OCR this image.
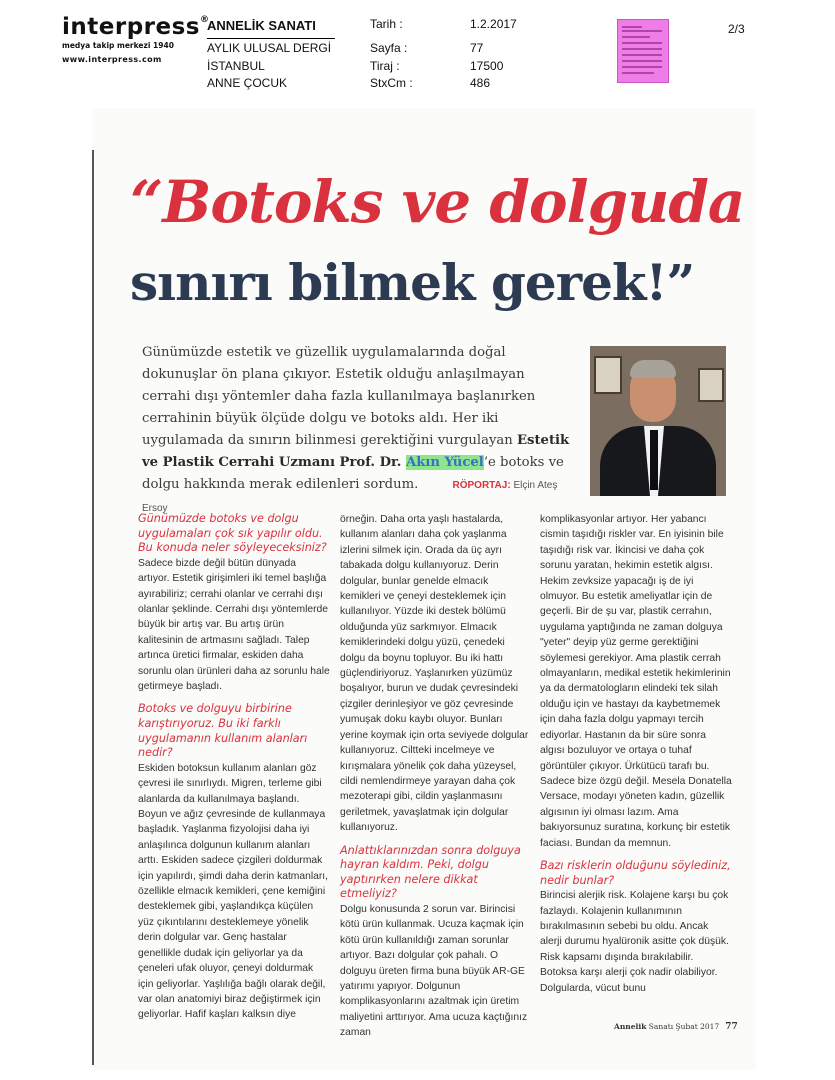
interpress®
medya takip merkezi 1940
www.interpress.com
ANNELİK SANATI
AYLIK ULUSAL DERGİ
İSTANBUL
ANNE ÇOCUK
Tarih :	1.2.2017
Sayfa :	77
Tiraj :	17500
StxCm :	486
2/3
“Botoks ve dolguda
sınırı bilmek gerek!”
Günümüzde estetik ve güzellik uygulamalarında doğal dokunuşlar ön plana çıkıyor. Estetik olduğu anlaşılmayan cerrahi dışı yöntemler daha fazla kullanılmaya başlanırken cerrahinin büyük ölçüde dolgu ve botoks aldı. Her iki uygulamada da sınırın bilinmesi gerektiğini vurgulayan Estetik ve Plastik Cerrahi Uzmanı Prof. Dr. Akın Yücel’e botoks ve dolgu hakkında merak edilenleri sordum.	RÖPORTAJ: Elçin Ateş Ersoy

Günümüzde botoks ve dolgu uygulamaları çok sık yapılır oldu. Bu konuda neler söyleyeceksiniz?

Sadece bizde değil bütün dünyada artıyor. Estetik girişimleri iki temel başlığa ayırabiliriz; cerrahi olanlar ve cerrahi dışı olanlar şeklinde. Cerrahi dışı yöntemlerde büyük bir artış var. Bu artış ürün kalitesinin de artmasını sağladı. Talep artınca üretici firmalar, eskiden daha sorunlu olan ürünleri daha az sorunlu hale getirmeye başladı.

Botoks ve dolguyu birbirine karıştırıyoruz. Bu iki farklı uygulamanın kullanım alanları nedir?

Eskiden botoksun kullanım alanları göz çevresi ile sınırlıydı. Migren, terleme gibi alanlarda da kullanılmaya başlandı. Boyun ve ağız çevresinde de kullanmaya başladık. Yaşlanma fizyolojisi daha iyi anlaşılınca dolgunun kullanım alanları arttı. Eskiden sadece çizgileri doldurmak için yapılırdı, şimdi daha derin katmanları, özellikle elmacık kemikleri, çene kemiğini desteklemek gibi, yaşlandıkça küçülen yüz çıkıntılarını desteklemeye yönelik derin dolgular var. Genç hastalar genellikle dudak için geliyorlar ya da çeneleri ufak oluyor, çeneyi doldurmak için geliyorlar. Yaşlılığa bağlı olarak değil, var olan anatomiyi biraz değiştirmek için geliyorlar. Hafif kaşları kalksın diye

örneğin. Daha orta yaşlı hastalarda, kullanım alanları daha çok yaşlanma izlerini silmek için. Orada da üç ayrı tabakada dolgu kullanıyoruz. Derin dolgular, bunlar genelde elmacık kemikleri ve çeneyi desteklemek için kullanılıyor. Yüzde iki destek bölümü olduğunda yüz sarkmıyor. Elmacık kemiklerindeki dolgu yüzü, çenedeki dolgu da boynu topluyor. Bu iki hattı güçlendiriyoruz. Yaşlanırken yüzümüz boşalıyor, burun ve dudak çevresindeki çizgiler derinleşiyor ve göz çevresinde yumuşak doku kaybı oluyor. Bunları yerine koymak için orta seviyede dolgular kullanıyoruz. Ciltteki incelmeye ve kırışmalara yönelik çok daha yüzeysel, cildi nemlendirmeye yarayan daha çok mezoterapi gibi, cildin yaşlanmasını geriletmek, yavaşlatmak için dolgular kullanıyoruz.

Anlattıklarınızdan sonra dolguya hayran kaldım. Peki, dolgu yaptırırken nelere dikkat etmeliyiz?

Dolgu konusunda 2 sorun var. Birincisi kötü ürün kullanmak. Ucuza kaçmak için kötü ürün kullanıldığı zaman sorunlar artıyor. Bazı dolgular çok pahalı. O dolguyu üreten firma buna büyük AR-GE yatırımı yapıyor. Dolgunun komplikasyonlarını azaltmak için üretim maliyetini arttırıyor. Ama ucuza kaçtığınız zaman

komplikasyonlar artıyor. Her yabancı cismin taşıdığı riskler var. En iyisinin bile taşıdığı risk var. İkincisi ve daha çok sorunu yaratan, hekimin estetik algısı. Hekim zevksize yapacağı iş de iyi olmuyor. Bu estetik ameliyatlar için de geçerli. Bir de şu var, plastik cerrahın, uygulama yaptığında ne zaman dolguya "yeter" deyip yüz germe gerektiğini söylemesi gerekiyor. Ama plastik cerrah olmayanların, medikal estetik hekimlerinin ya da dermatologların elindeki tek silah olduğu için ve hastayı da kaybetmemek için daha fazla dolgu yapmayı tercih ediyorlar. Hastanın da bir süre sonra algısı bozuluyor ve ortaya o tuhaf görüntüler çıkıyor. Ürkütücü tarafı bu. Sadece bize özgü değil. Mesela Donatella Versace, modayı yöneten kadın, güzellik algısının iyi olması lazım. Ama bakıyorsunuz suratına, korkunç bir estetik faciası. Bundan da memnun.

Bazı risklerin olduğunu söylediniz, nedir bunlar?

Birincisi alerjik risk. Kolajene karşı bu çok fazlaydı. Kolajenin kullanımının bırakılmasının sebebi bu oldu. Ancak alerji durumu hyalüronik asitte çok düşük. Risk kapsamı dışında bırakılabilir. Botoksa karşı alerji çok nadir olabiliyor. Dolgularda, vücut bunu

Annelik Sanatı Şubat 2017 77
